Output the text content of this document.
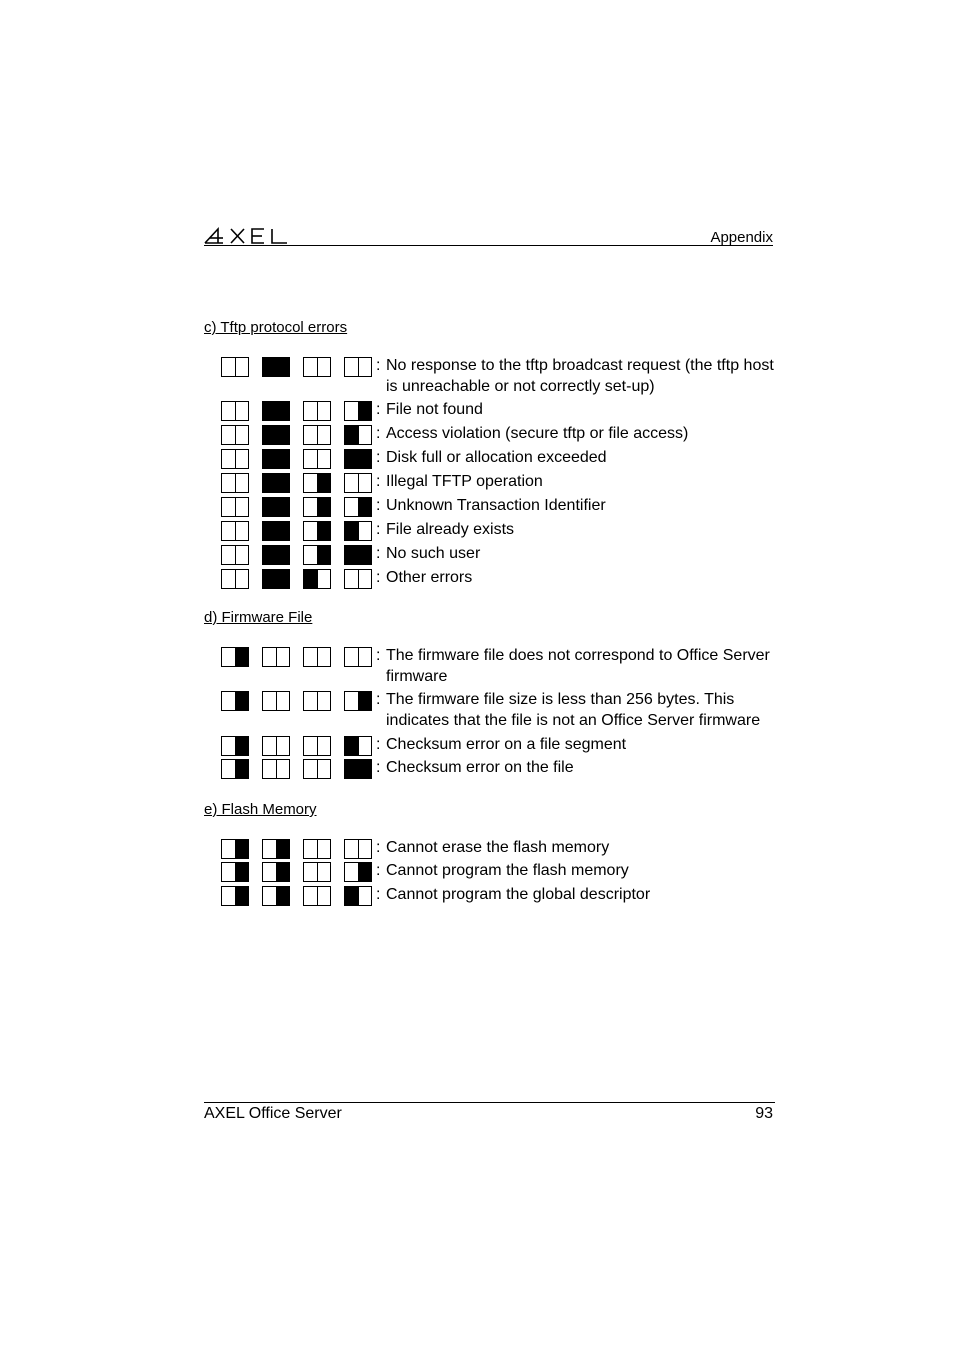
Appendix
c) Tftp protocol errors
: No response to the tftp broadcast request (the tftp host is unreachable or not correctly set-up)
: File not found
: Access violation (secure tftp or file access)
: Disk full or allocation exceeded
: Illegal TFTP operation
: Unknown Transaction Identifier
: File already exists
: No such user
: Other errors
d) Firmware File
: The firmware file does not correspond to Office Server firmware
: The firmware file size is less than 256 bytes. This indicates that the file is not an Office Server firmware
: Checksum error on a file segment
: Checksum error on the file
e) Flash Memory
: Cannot erase the flash memory
: Cannot program the flash memory
: Cannot program the global descriptor
AXEL Office Server	93
